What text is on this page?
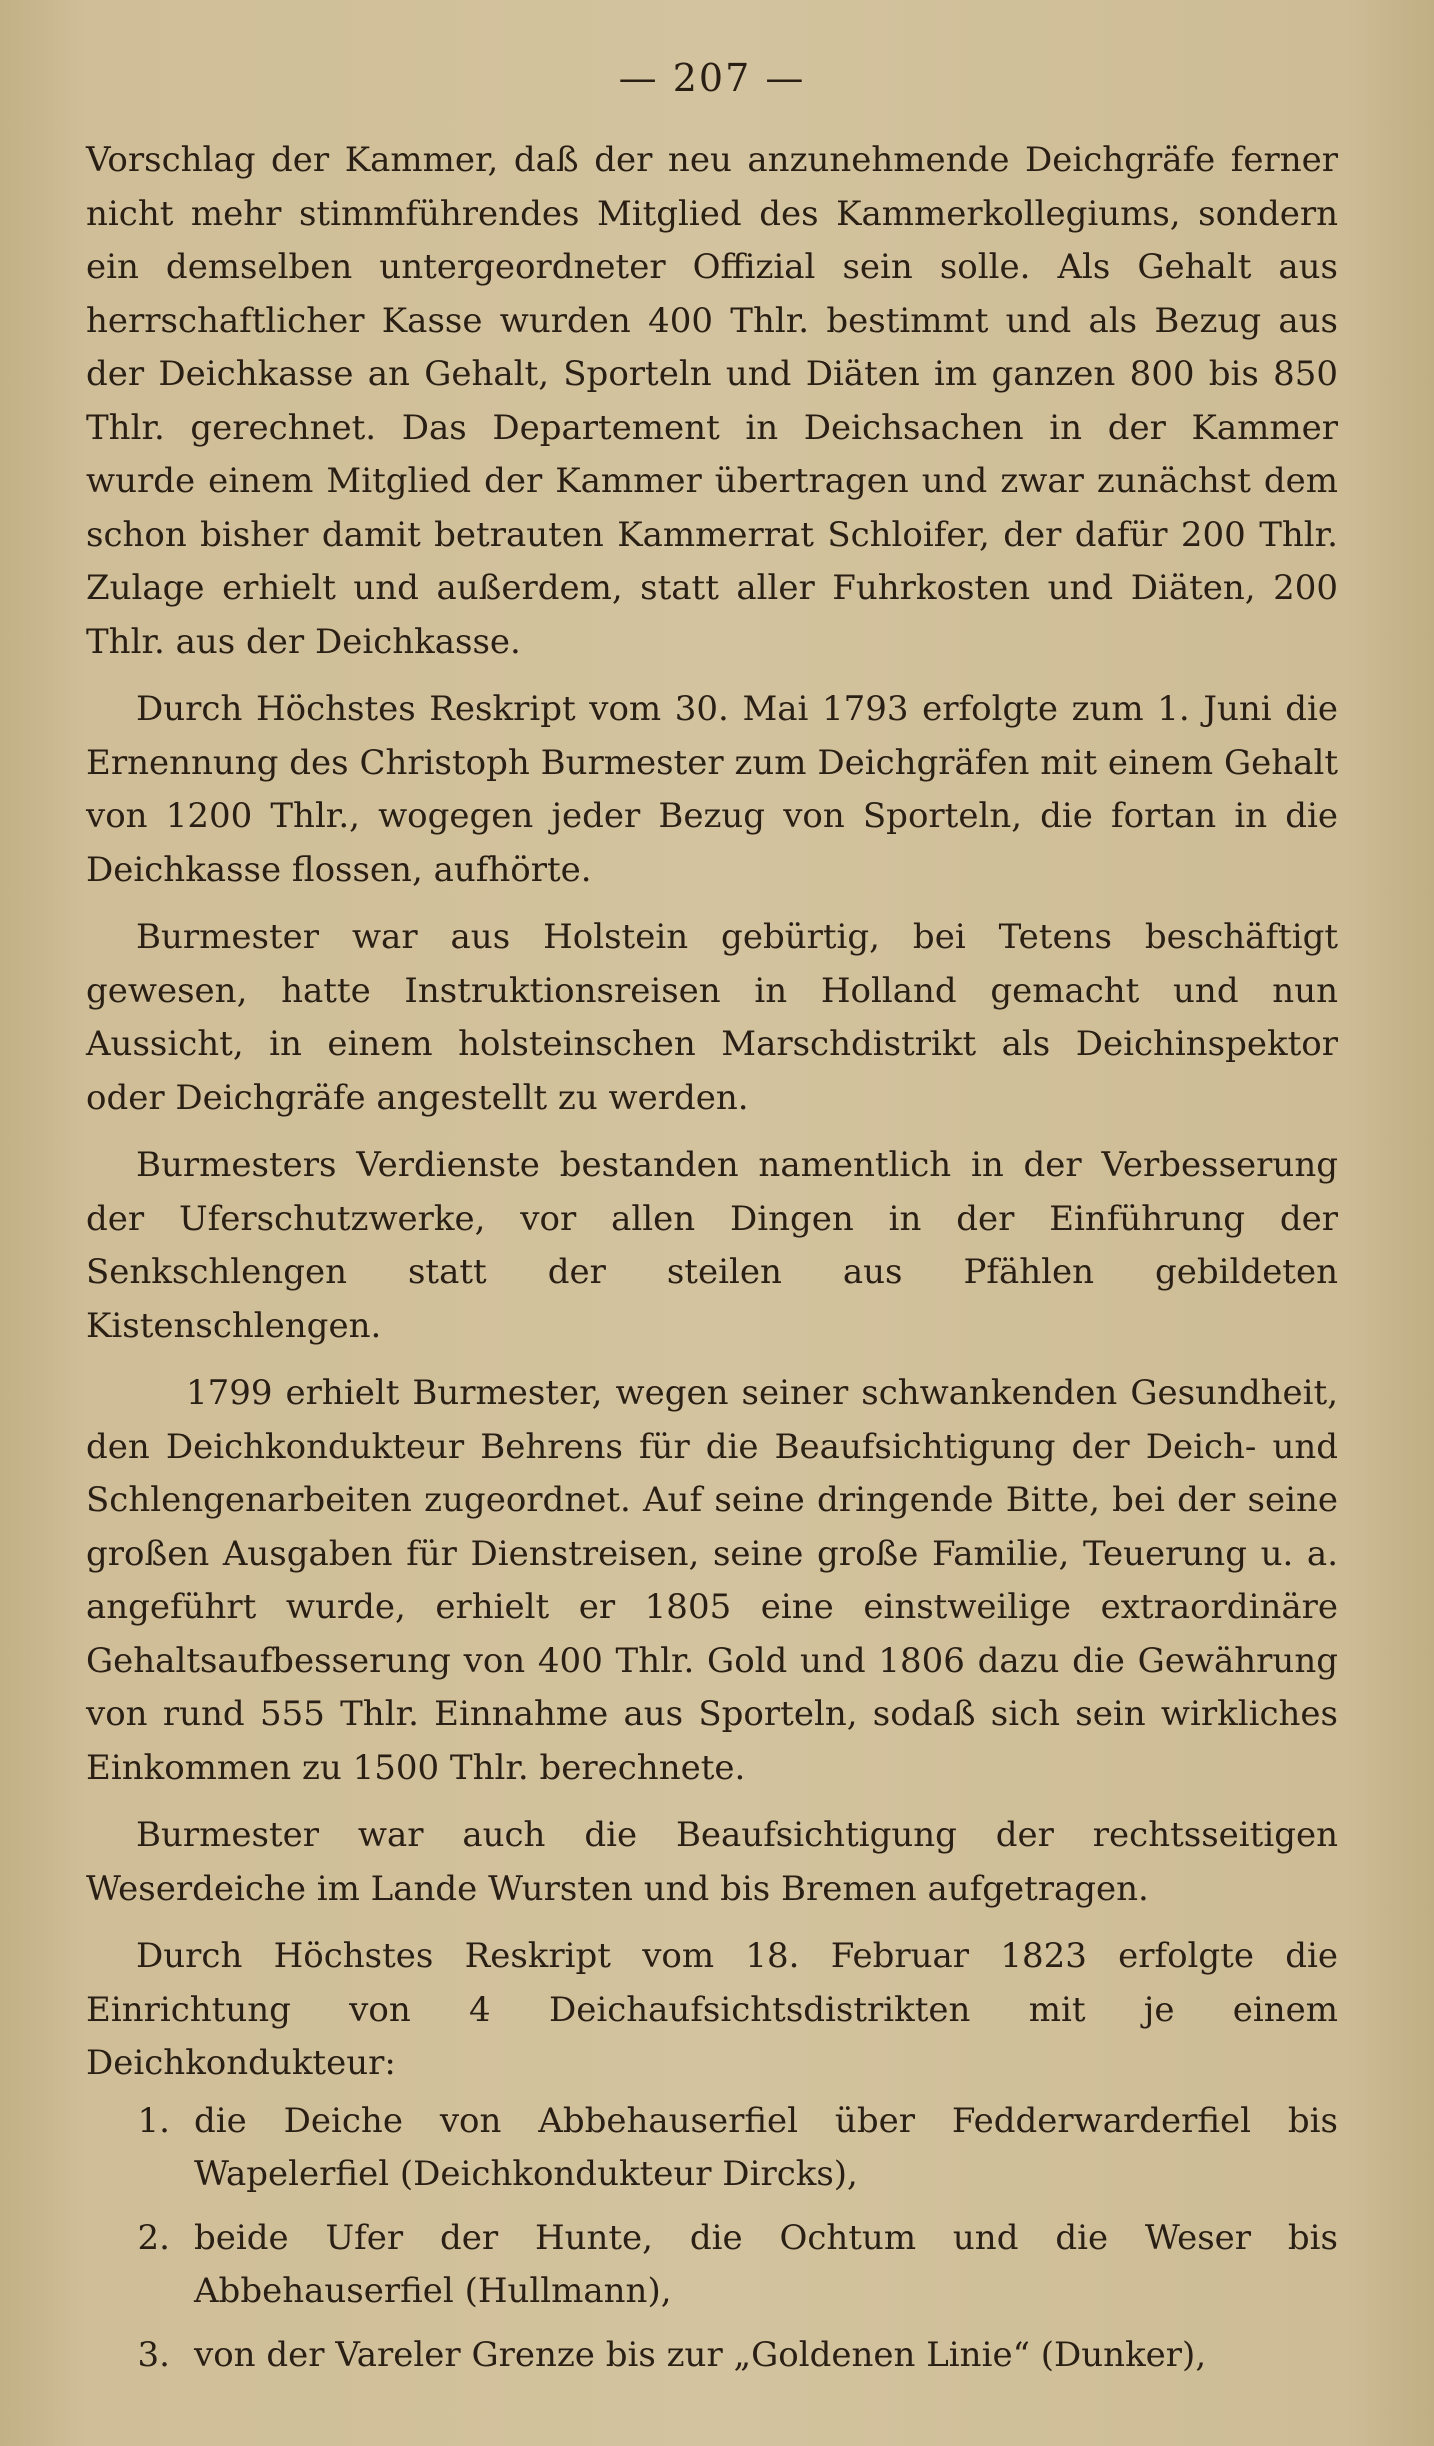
— 207 —

Vorschlag der Kammer, daß der neu anzunehmende Deichgräfe ferner nicht mehr stimmführendes Mitglied des Kammerkollegiums, sondern ein demselben untergeordneter Offizial sein solle. Als Gehalt aus herrschaftlicher Kasse wurden 400 Thlr. bestimmt und als Bezug aus der Deichkasse an Gehalt, Sporteln und Diäten im ganzen 800 bis 850 Thlr. gerechnet. Das Departement in Deichsachen in der Kammer wurde einem Mitglied der Kammer übertragen und zwar zunächst dem schon bisher damit betrauten Kammerrat Schloifer, der dafür 200 Thlr. Zulage erhielt und außerdem, statt aller Fuhrkosten und Diäten, 200 Thlr. aus der Deichkasse.

Durch Höchstes Reskript vom 30. Mai 1793 erfolgte zum 1. Juni die Ernennung des Christoph Burmester zum Deichgräfen mit einem Gehalt von 1200 Thlr., wogegen jeder Bezug von Sporteln, die fortan in die Deichkasse flossen, aufhörte.

Burmester war aus Holstein gebürtig, bei Tetens beschäftigt gewesen, hatte Instruktionsreisen in Holland gemacht und nun Aussicht, in einem holsteinschen Marschdistrikt als Deichinspektor oder Deichgräfe angestellt zu werden.

Burmesters Verdienste bestanden namentlich in der Verbesserung der Uferschutzwerke, vor allen Dingen in der Einführung der Senkschlengen statt der steilen aus Pfählen gebildeten Kistenschlengen.

1799 erhielt Burmester, wegen seiner schwankenden Gesundheit, den Deichkondukteur Behrens für die Beaufsichtigung der Deich- und Schlengenarbeiten zugeordnet. Auf seine dringende Bitte, bei der seine großen Ausgaben für Dienstreisen, seine große Familie, Teuerung u. a. angeführt wurde, erhielt er 1805 eine einstweilige extraordinäre Gehaltsaufbesserung von 400 Thlr. Gold und 1806 dazu die Gewährung von rund 555 Thlr. Einnahme aus Sporteln, sodaß sich sein wirkliches Einkommen zu 1500 Thlr. berechnete.

Burmester war auch die Beaufsichtigung der rechtsseitigen Weserdeiche im Lande Wursten und bis Bremen aufgetragen.

Durch Höchstes Reskript vom 18. Februar 1823 erfolgte die Einrichtung von 4 Deichaufsichtsdistrikten mit je einem Deichkondukteur:

1. die Deiche von Abbehauserfiel über Fedderwarderfiel bis Wapelerfiel (Deichkondukteur Dircks),
2. beide Ufer der Hunte, die Ochtum und die Weser bis Abbehauserfiel (Hullmann),
3. von der Vareler Grenze bis zur „Goldenen Linie“ (Dunker),
